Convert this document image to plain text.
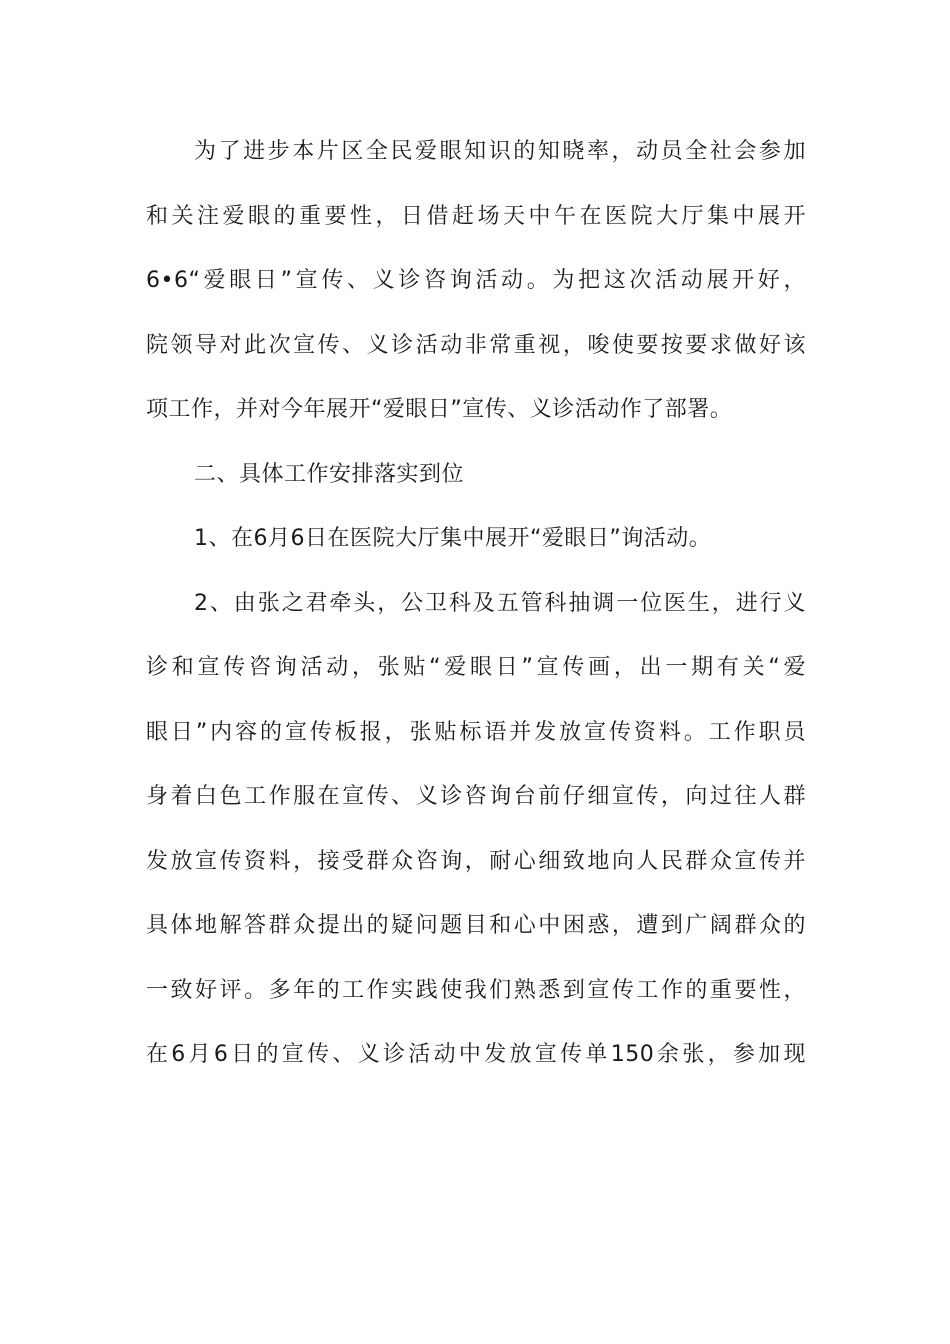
为了进步本片区全民爱眼知识的知晓率，动员全社会参加
和关注爱眼的重要性，日借赶场天中午在医院大厅集中展开
6•6“爱眼日”宣传、义诊咨询活动。为把这次活动展开好，
院领导对此次宣传、义诊活动非常重视，唆使要按要求做好该
项工作，并对今年展开“爱眼日”宣传、义诊活动作了部署。
二、具体工作安排落实到位
1、在6月6日在医院大厅集中展开“爱眼日”询活动。
2、由张之君牵头，公卫科及五管科抽调一位医生，进行义
诊和宣传咨询活动，张贴“爱眼日”宣传画，出一期有关“爱
眼日”内容的宣传板报，张贴标语并发放宣传资料。工作职员
身着白色工作服在宣传、义诊咨询台前仔细宣传，向过往人群
发放宣传资料，接受群众咨询，耐心细致地向人民群众宣传并
具体地解答群众提出的疑问题目和心中困惑，遭到广阔群众的
一致好评。多年的工作实践使我们熟悉到宣传工作的重要性，
在6月6日的宣传、义诊活动中发放宣传单150余张，参加现
